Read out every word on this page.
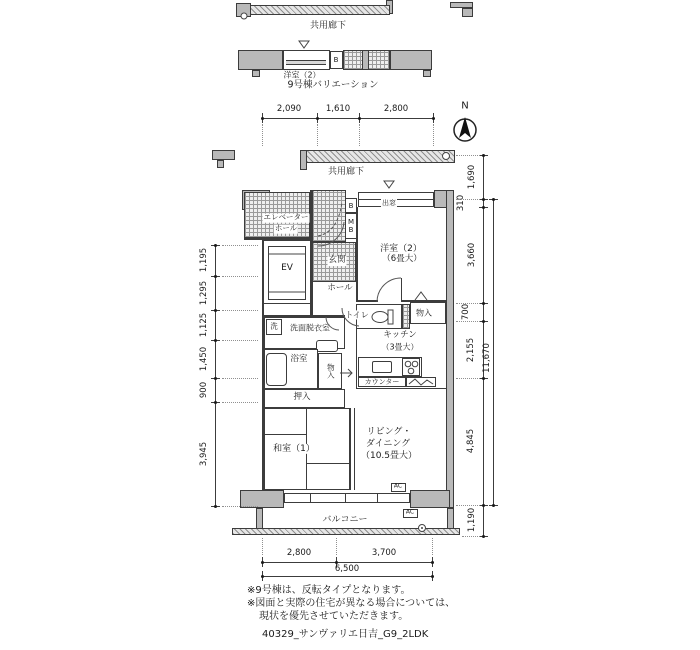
共用廊下
B
洋室（2）
9号棟バリエーション
2,090	1,610	2,800	N
共用廊下
エレベーター
ホール
玄関
B
MB
出窓
EV
洋室（2）
（6畳大）
ホール
トイレ	物入
洗 洗面脱衣室
浴室
物入
キッチン
（3畳大）
カウンター
押入
和室（1）
リビング・
ダイニング
（10.5畳大）
AC
バルコニー
AC
1,195
1,295
1,125
1,450
900
3,945
1,690
310
3,660
700
2,155
4,845
11,670
1,190
2,800	3,700
6,500
※9号棟は、反転タイプとなります。
※図面と実際の住宅が異なる場合については、
現状を優先させていただきます。
40329_サンヴァリエ日吉_G9_2LDK
